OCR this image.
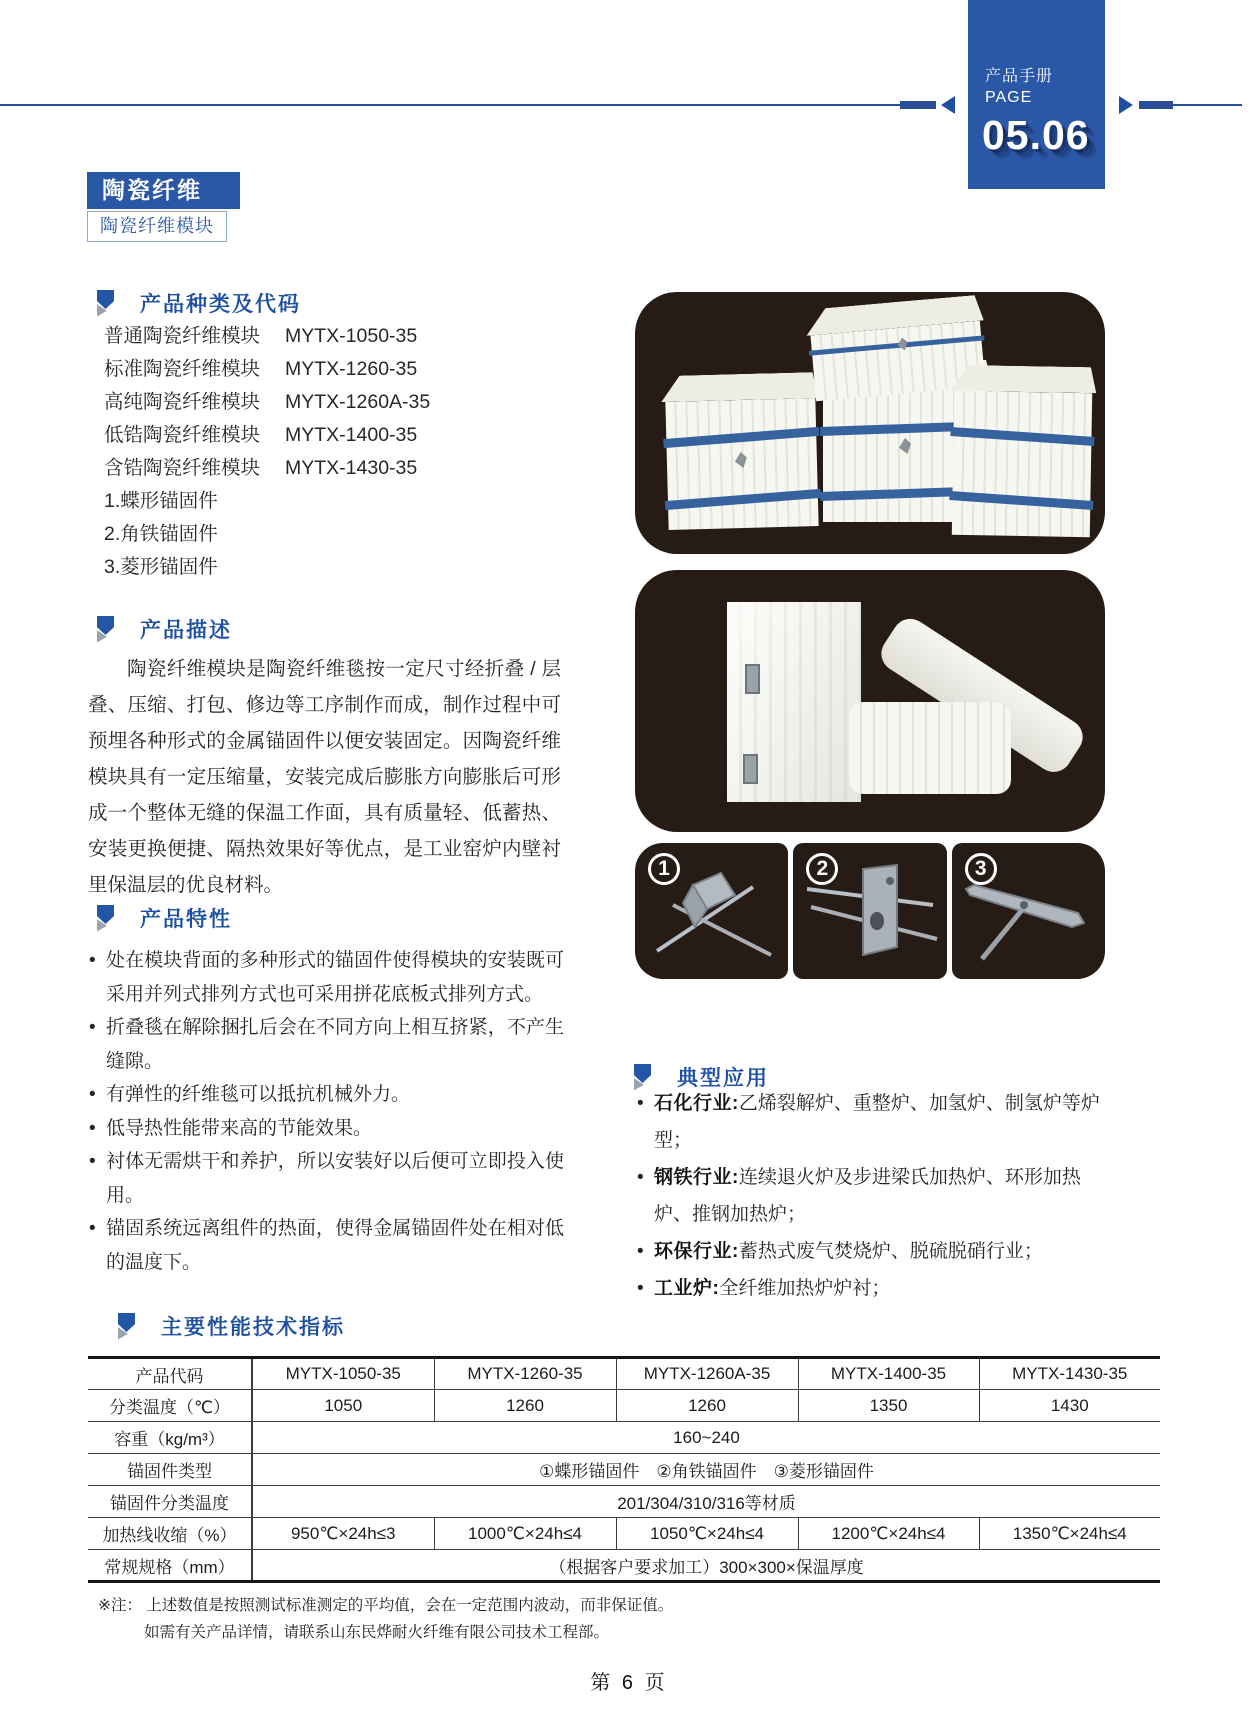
产品手册
PAGE
05.06
陶瓷纤维
陶瓷纤维模块
产品种类及代码
普通陶瓷纤维模块	MYTX-1050-35
标准陶瓷纤维模块	MYTX-1260-35
高纯陶瓷纤维模块	MYTX-1260A-35
低锆陶瓷纤维模块	MYTX-1400-35
含锆陶瓷纤维模块	MYTX-1430-35
1.蝶形锚固件
2.角铁锚固件
3.菱形锚固件
产品描述
陶瓷纤维模块是陶瓷纤维毯按一定尺寸经折叠 / 层叠、压缩、打包、修边等工序制作而成，制作过程中可预埋各种形式的金属锚固件以便安装固定。因陶瓷纤维模块具有一定压缩量，安装完成后膨胀方向膨胀后可形成一个整体无缝的保温工作面，具有质量轻、低蓄热、安装更换便捷、隔热效果好等优点，是工业窑炉内壁衬里保温层的优良材料。
产品特性
• 处在模块背面的多种形式的锚固件使得模块的安装既可采用并列式排列方式也可采用拼花底板式排列方式。
• 折叠毯在解除捆扎后会在不同方向上相互挤紧，不产生缝隙。
• 有弹性的纤维毯可以抵抗机械外力。
• 低导热性能带来高的节能效果。
• 衬体无需烘干和养护，所以安装好以后便可立即投入使用。
• 锚固系统远离组件的热面，使得金属锚固件处在相对低的温度下。
1	2	3
典型应用
• 石化行业:乙烯裂解炉、重整炉、加氢炉、制氢炉等炉型；
• 钢铁行业:连续退火炉及步进梁氏加热炉、环形加热炉、推钢加热炉；
• 环保行业:蓄热式废气焚烧炉、脱硫脱硝行业；
• 工业炉:全纤维加热炉炉衬；
主要性能技术指标
产品代码	MYTX-1050-35	MYTX-1260-35	MYTX-1260A-35	MYTX-1400-35	MYTX-1430-35
分类温度（℃）	1050	1260	1260	1350	1430
容重（kg/m³）	160~240				
锚固件类型	①蝶形锚固件　②角铁锚固件　③菱形锚固件				
锚固件分类温度	201/304/310/316等材质				
加热线收缩（%）	950℃×24h≤3	1000℃×24h≤4	1050℃×24h≤4	1200℃×24h≤4	1350℃×24h≤4
常规规格（mm）	（根据客户要求加工）300×300×保温厚度				
※注： 上述数值是按照测试标准测定的平均值，会在一定范围内波动，而非保证值。
如需有关产品详情，请联系山东民烨耐火纤维有限公司技术工程部。
第 6 页
